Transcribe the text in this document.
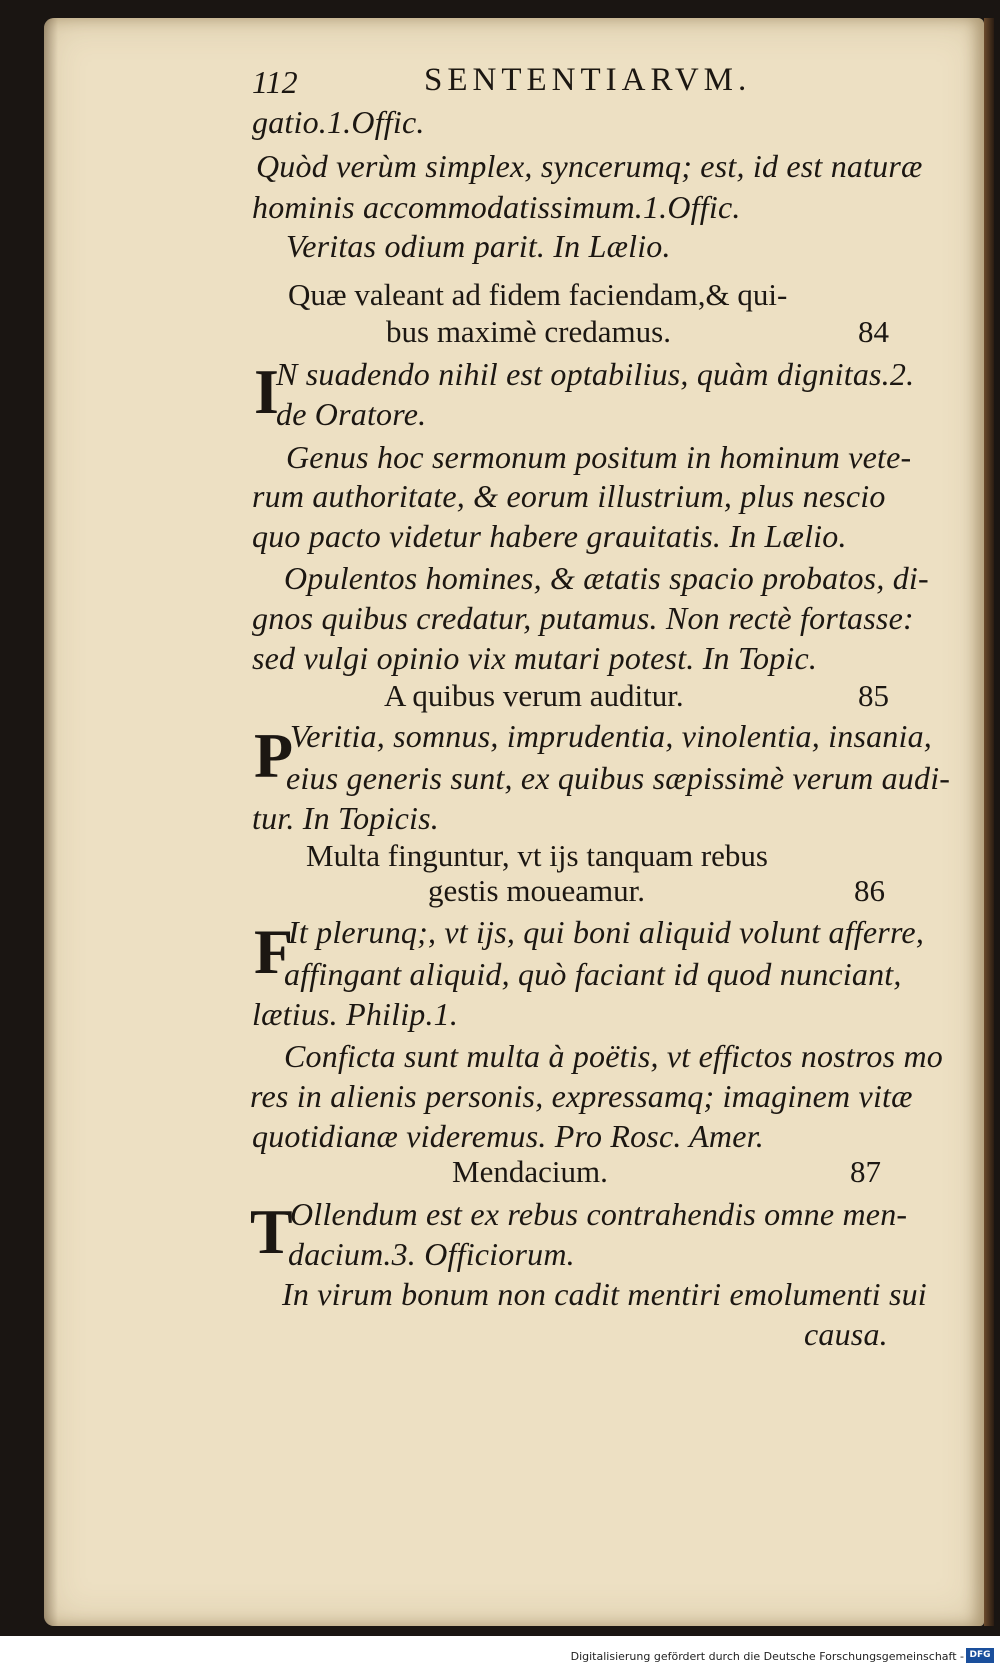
112	SENTENTIARVM.
gatio.1.Offic.
Quòd verùm simplex, syncerumq; est, id est naturæ
hominis accommodatissimum.1.Offic.
Veritas odium parit. In Lælio.
Quæ valeant ad fidem faciendam,& qui-
bus maximè credamus.	84
I
N suadendo nihil est optabilius, quàm dignitas.2.
de Oratore.
Genus hoc sermonum positum in hominum vete-
rum authoritate, & eorum illustrium, plus nescio
quo pacto videtur habere grauitatis. In Lælio.
Opulentos homines, & ætatis spacio probatos, di-
gnos quibus credatur, putamus. Non rectè fortasse:
sed vulgi opinio vix mutari potest. In Topic.
A quibus verum auditur.	85
P
Veritia, somnus, imprudentia, vinolentia, insania,
eius generis sunt, ex quibus sæpissimè verum audi-
tur. In Topicis.
Multa finguntur, vt ijs tanquam rebus
gestis moueamur.	86
F
It plerunq;, vt ijs, qui boni aliquid volunt afferre,
affingant aliquid, quò faciant id quod nunciant,
lætius. Philip.1.
Conficta sunt multa à poëtis, vt effictos nostros mo
res in alienis personis, expressamq; imaginem vitæ
quotidianæ videremus. Pro Rosc. Amer.
Mendacium.	87
T
Ollendum est ex rebus contrahendis omne men-
dacium.3. Officiorum.
In virum bonum non cadit mentiri emolumenti sui
causa.
Digitalisierung gefördert durch die Deutsche Forschungsgemeinschaft - DFG
